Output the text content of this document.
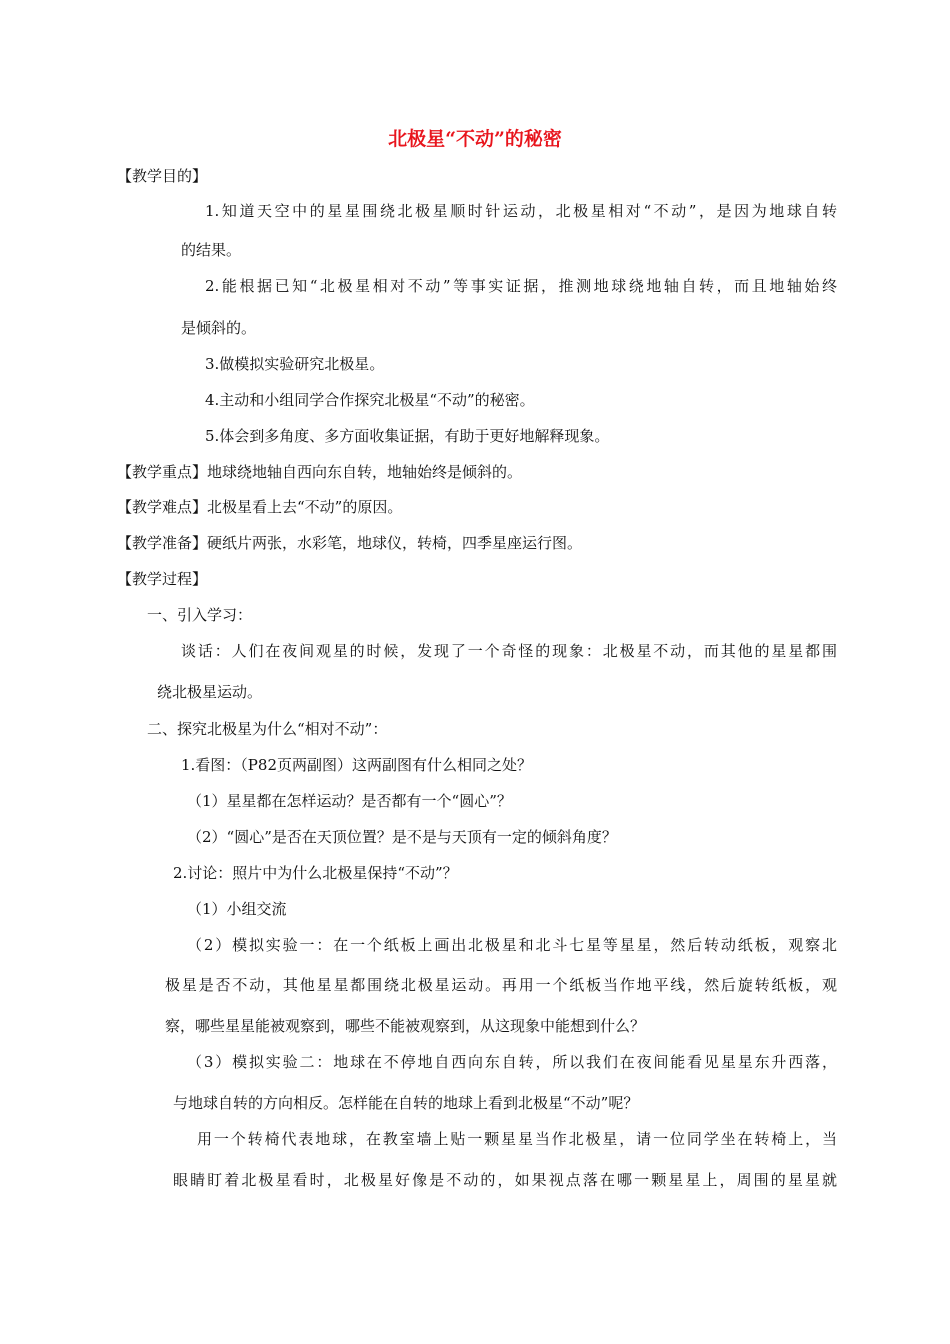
北极星“不动”的秘密

【教学目的】

1.知道天空中的星星围绕北极星顺时针运动，北极星相对“不动”，是因为地球自转

的结果。

2.能根据已知“北极星相对不动”等事实证据，推测地球绕地轴自转，而且地轴始终

是倾斜的。

3.做模拟实验研究北极星。

4.主动和小组同学合作探究北极星“不动”的秘密。

5.体会到多角度、多方面收集证据，有助于更好地解释现象。

【教学重点】地球绕地轴自西向东自转，地轴始终是倾斜的。

【教学难点】北极星看上去“不动”的原因。

【教学准备】硬纸片两张，水彩笔，地球仪，转椅，四季星座运行图。

【教学过程】

一、引入学习：

谈话：人们在夜间观星的时候，发现了一个奇怪的现象：北极星不动，而其他的星星都围

绕北极星运动。

二、探究北极星为什么“相对不动”：

1.看图：（P82页两副图）这两副图有什么相同之处？

（1）星星都在怎样运动？是否都有一个“圆心”？

（2）“圆心”是否在天顶位置？是不是与天顶有一定的倾斜角度？

2.讨论：照片中为什么北极星保持“不动”？

（1）小组交流

（2）模拟实验一：在一个纸板上画出北极星和北斗七星等星星，然后转动纸板，观察北

极星是否不动，其他星星都围绕北极星运动。再用一个纸板当作地平线，然后旋转纸板，观

察，哪些星星能被观察到，哪些不能被观察到，从这现象中能想到什么？

（3）模拟实验二：地球在不停地自西向东自转，所以我们在夜间能看见星星东升西落，

与地球自转的方向相反。怎样能在自转的地球上看到北极星“不动”呢？

用一个转椅代表地球，在教室墙上贴一颗星星当作北极星，请一位同学坐在转椅上，当

眼睛盯着北极星看时，北极星好像是不动的，如果视点落在哪一颗星星上，周围的星星就
